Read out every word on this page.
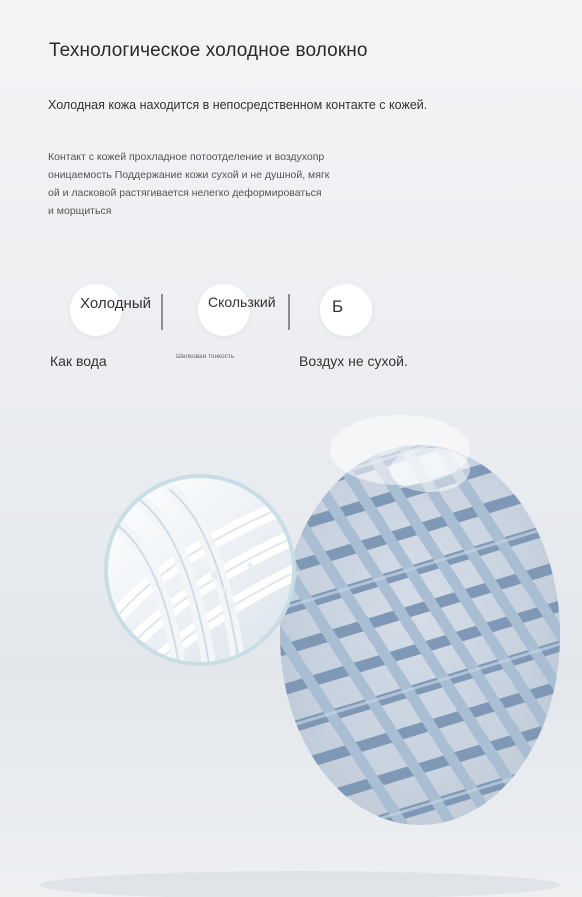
Технологическое холодное волокно
Холодная кожа находится в непосредственном контакте с кожей.
Контакт с кожей прохладное потоотделение и воздухопр
оницаемость Поддержание кожи сухой и не душной, мягк
ой и ласковой растягивается нелегко деформироваться
и морщиться
Холодный
Как вода
Скользкий
Шелковая тонкость
Б
Воздух не сухой.
